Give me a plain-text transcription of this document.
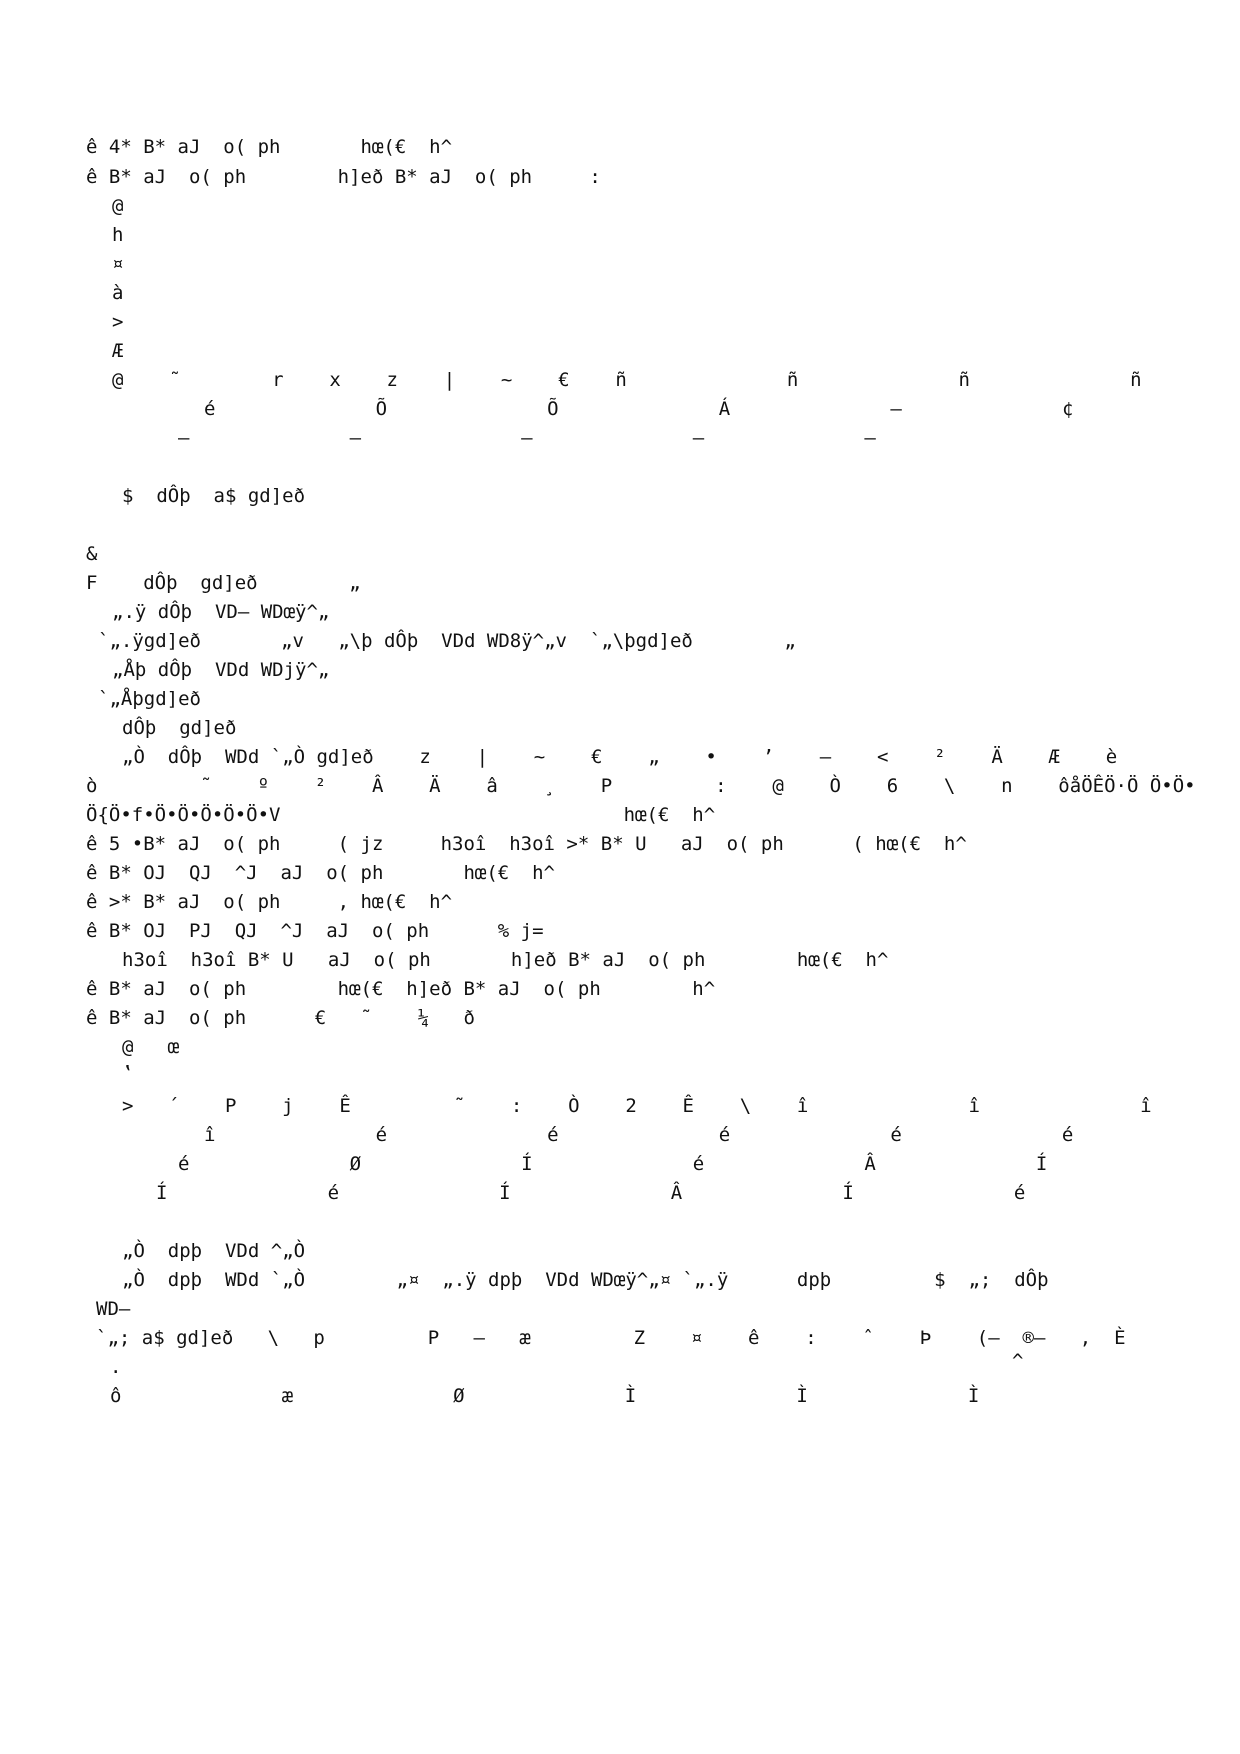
ê 4* B* aJ  o( ph       hœ(€  h^
ê B* aJ  o( ph        h]eð B* aJ  o( ph     :
@
h
¤
à
>
Æ
@    ˜        r    x    z    |    ~    €    ñ              ñ              ñ              ñ
é              Õ              Õ              Á              –              ¢
—              —              —              —              —
$  dÔþ  a$ gd]eð
&
F    dÔþ  gd]eð        „
„.ÿ dÔþ  VD– WDœÿ^„
`„.ÿgd]eð       „v   „\þ dÔþ  VDd WD8ÿ^„v  `„\þgd]eð        „
„Åþ dÔþ  VDd WDjÿ^„
`„Åþgd]eð
dÔþ  gd]eð
„Ò  dÔþ  WDd `„Ò gd]eð    z    |    ~    €    „    •    ’    –    <    ²    Ä    Æ    è
ò         ˜    º    ²    Â    Ä    â    ¸    P         :    @    Ò    6    \    n    ôåÖÊÖ·Ö Ö•Ö•
Ö{Ö•f•Ö•Ö•Ö•Ö•Ö•V                              hœ(€  h^
ê 5 •B* aJ  o( ph     ( jz     h3oî  h3oî >* B* U   aJ  o( ph      ( hœ(€  h^
ê B* OJ  QJ  ^J  aJ  o( ph       hœ(€  h^
ê >* B* aJ  o( ph     , hœ(€  h^
ê B* OJ  PJ  QJ  ^J  aJ  o( ph      % j=
h3oî  h3oî B* U   aJ  o( ph       h]eð B* aJ  o( ph        hœ(€  h^
ê B* aJ  o( ph        hœ(€  h]eð B* aJ  o( ph        h^
ê B* aJ  o( ph      €   ˜    ¼   ð
@   œ
‛
>   ´    P    j    Ê         ˜    :    Ò    2    Ê    \    î              î              î
î              é              é              é              é              é
é              Ø              Í              é              Â              Í
Í              é              Í              Â              Í              é
„Ò  dpþ  VDd ^„Ò
„Ò  dpþ  WDd `„Ò        „¤  „.ÿ dpþ  VDd WDœÿ^„¤ `„.ÿ      dpþ         $  „;  dÔþ
WD–
`„; a$ gd]eð   \   p         P   –   æ         Z    ¤    ê    :    ˆ    Þ    (–  ®–   ,  È
.	^
ô              æ              Ø              Ì              Ì              Ì
